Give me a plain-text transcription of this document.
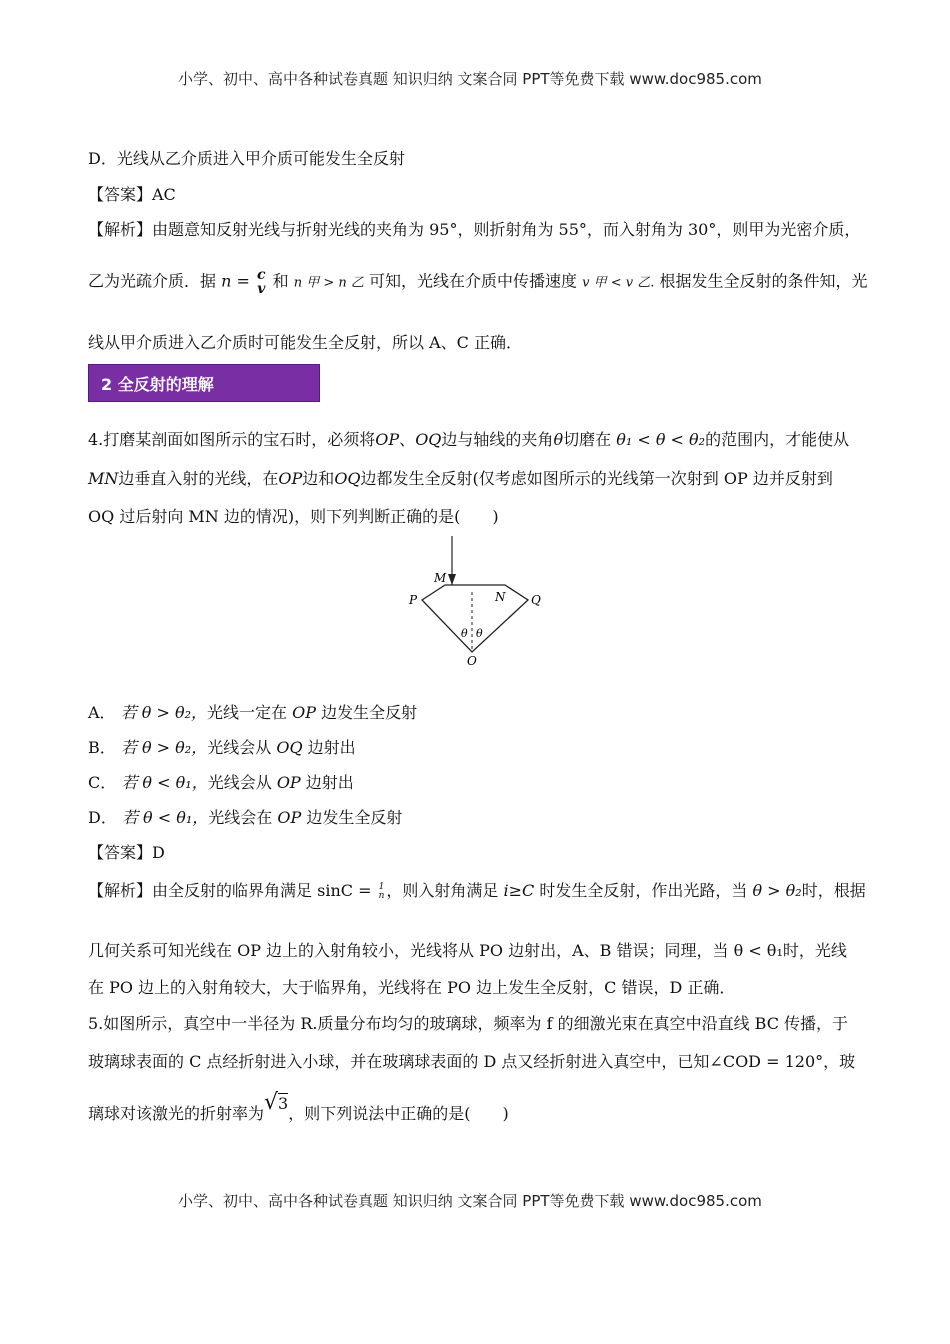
小学、初中、高中各种试卷真题 知识归纳 文案合同 PPT等免费下载 www.doc985.com
D．光线从乙介质进入甲介质可能发生全反射
【答案】AC
【解析】由题意知反射光线与折射光线的夹角为 95°，则折射角为 55°，而入射角为 30°，则甲为光密介质，
乙为光疏介质．据 n = c
v 和 n 甲 > n 乙 可知，光线在介质中传播速度 v 甲 < v 乙. 根据发生全反射的条件知，光
线从甲介质进入乙介质时可能发生全反射，所以 A、C 正确．
2 全反射的理解
4.打磨某剖面如图所示的宝石时，必须将OP、OQ边与轴线的夹角θ切磨在 θ₁ < θ < θ₂的范围内，才能使从
MN边垂直入射的光线，在OP边和OQ边都发生全反射(仅考虑如图所示的光线第一次射到 OP 边并反射到
OQ 过后射向 MN 边的情况)，则下列判断正确的是(　　)
M
N
P	Q
O
θ θ
A． 若 θ > θ₂，光线一定在 OP 边发生全反射
B． 若 θ > θ₂，光线会从 OQ 边射出
C． 若 θ < θ₁，光线会从 OP 边射出
D． 若 θ < θ₁，光线会在 OP 边发生全反射
【答案】D
【解析】由全反射的临界角满足 sinC = 1
n ，则入射角满足 i≥C 时发生全反射，作出光路，当 θ > θ₂时，根据
几何关系可知光线在 OP 边上的入射角较小，光线将从 PO 边射出，A、B 错误；同理，当 θ < θ₁时，光线
在 PO 边上的入射角较大，大于临界角，光线将在 PO 边上发生全反射，C 错误，D 正确．
5.如图所示，真空中一半径为 R.质量分布均匀的玻璃球，频率为 f 的细激光束在真空中沿直线 BC 传播，于
玻璃球表面的 C 点经折射进入小球，并在玻璃球表面的 D 点又经折射进入真空中，已知∠COD = 120°，玻
璃球对该激光的折射率为√3，则下列说法中正确的是(　　)
小学、初中、高中各种试卷真题 知识归纳 文案合同 PPT等免费下载 www.doc985.com
